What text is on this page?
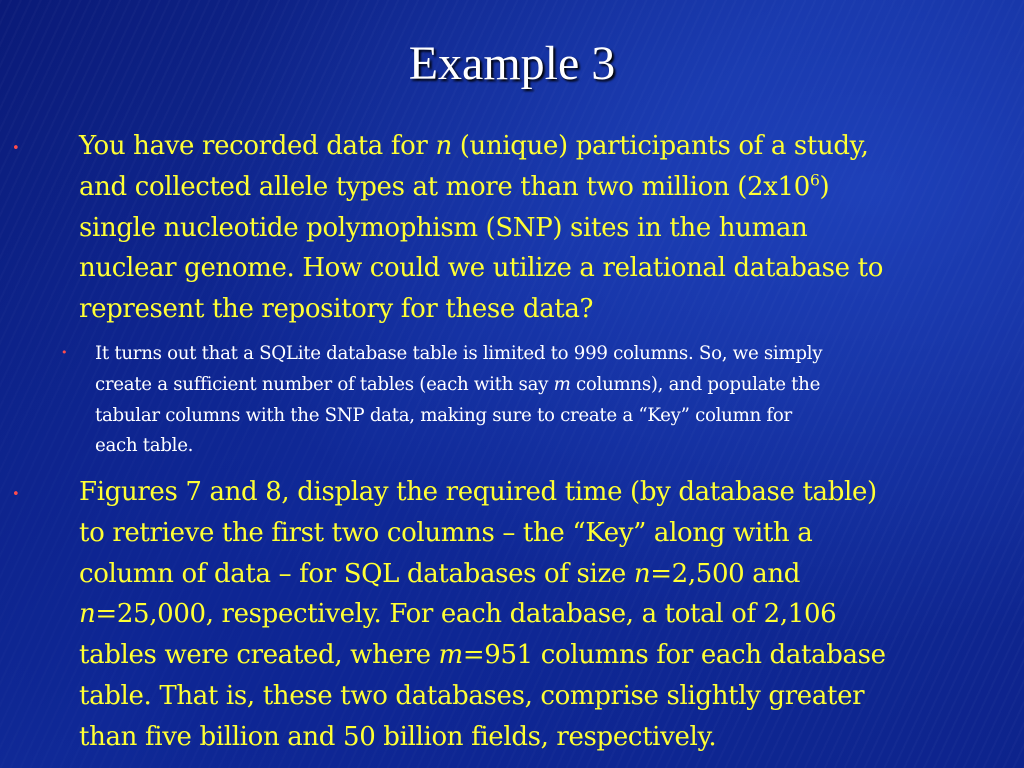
Example 3
• You have recorded data for n (unique) participants of a study,
and collected allele types at more than two million $(2x10^6)$
single nucleotide polymophism (SNP) sites in the human
nuclear genome. How could we utilize a relational database to
represent the repository for these data?
• It turns out that a SQLite database table is limited to 999 columns. So, we simply
create a sufficient number of tables (each with say m columns), and populate the
tabular columns with the SNP data, making sure to create a “Key” column for
each table.
• Figures 7 and 8, display the required time (by database table)
to retrieve the first two columns – the “Key” along with a
column of data – for SQL databases of size n=2,500 and
n=25,000, respectively. For each database, a total of 2,106
tables were created, where m=951 columns for each database
table. That is, these two databases, comprise slightly greater
than five billion and 50 billion fields, respectively.
